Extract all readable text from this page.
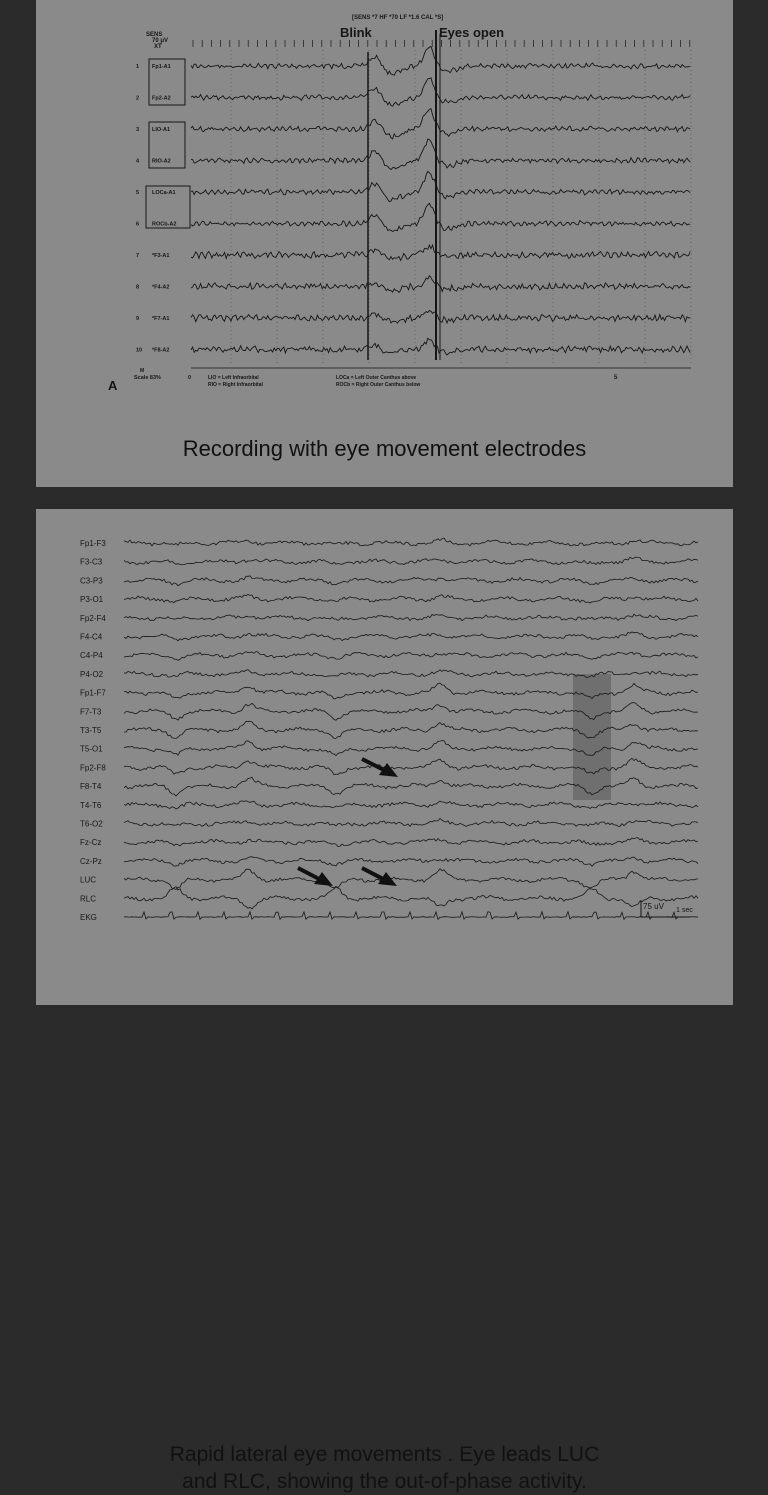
[SENS *7 HF *70 LF *1.6 CAL *S]
SENS
70 μV
XT
Blink	Eyes open
1 Fp1-A1
2 Fp2-A2
3 LIO-A1
4 RIO-A2
5 LOCa-A1
6 ROCb-A2
7 *F3-A1
8 *F4-A2
9 *F7-A1
10 *F8-A2
M
Scale 83%	0	5
A	LIO = Left Infraorbital
RIO = Right Infraorbital
LOCa = Left Outer Canthus above
ROCb = Right Outer Canthus below
Recording with eye movement electrodes
Fp1-F3
F3-C3
C3-P3
P3-O1
Fp2-F4
F4-C4
C4-P4
P4-O2
Fp1-F7
F7-T3
T3-T5
T5-O1
Fp2-F8
F8-T4
T4-T6
T6-O2
Fz-Cz
Cz-Pz
LUC
RLC
EKG
75 uV 1 sec
Rapid lateral eye movements . Eye leads LUC
and RLC, showing the out-of-phase activity.
